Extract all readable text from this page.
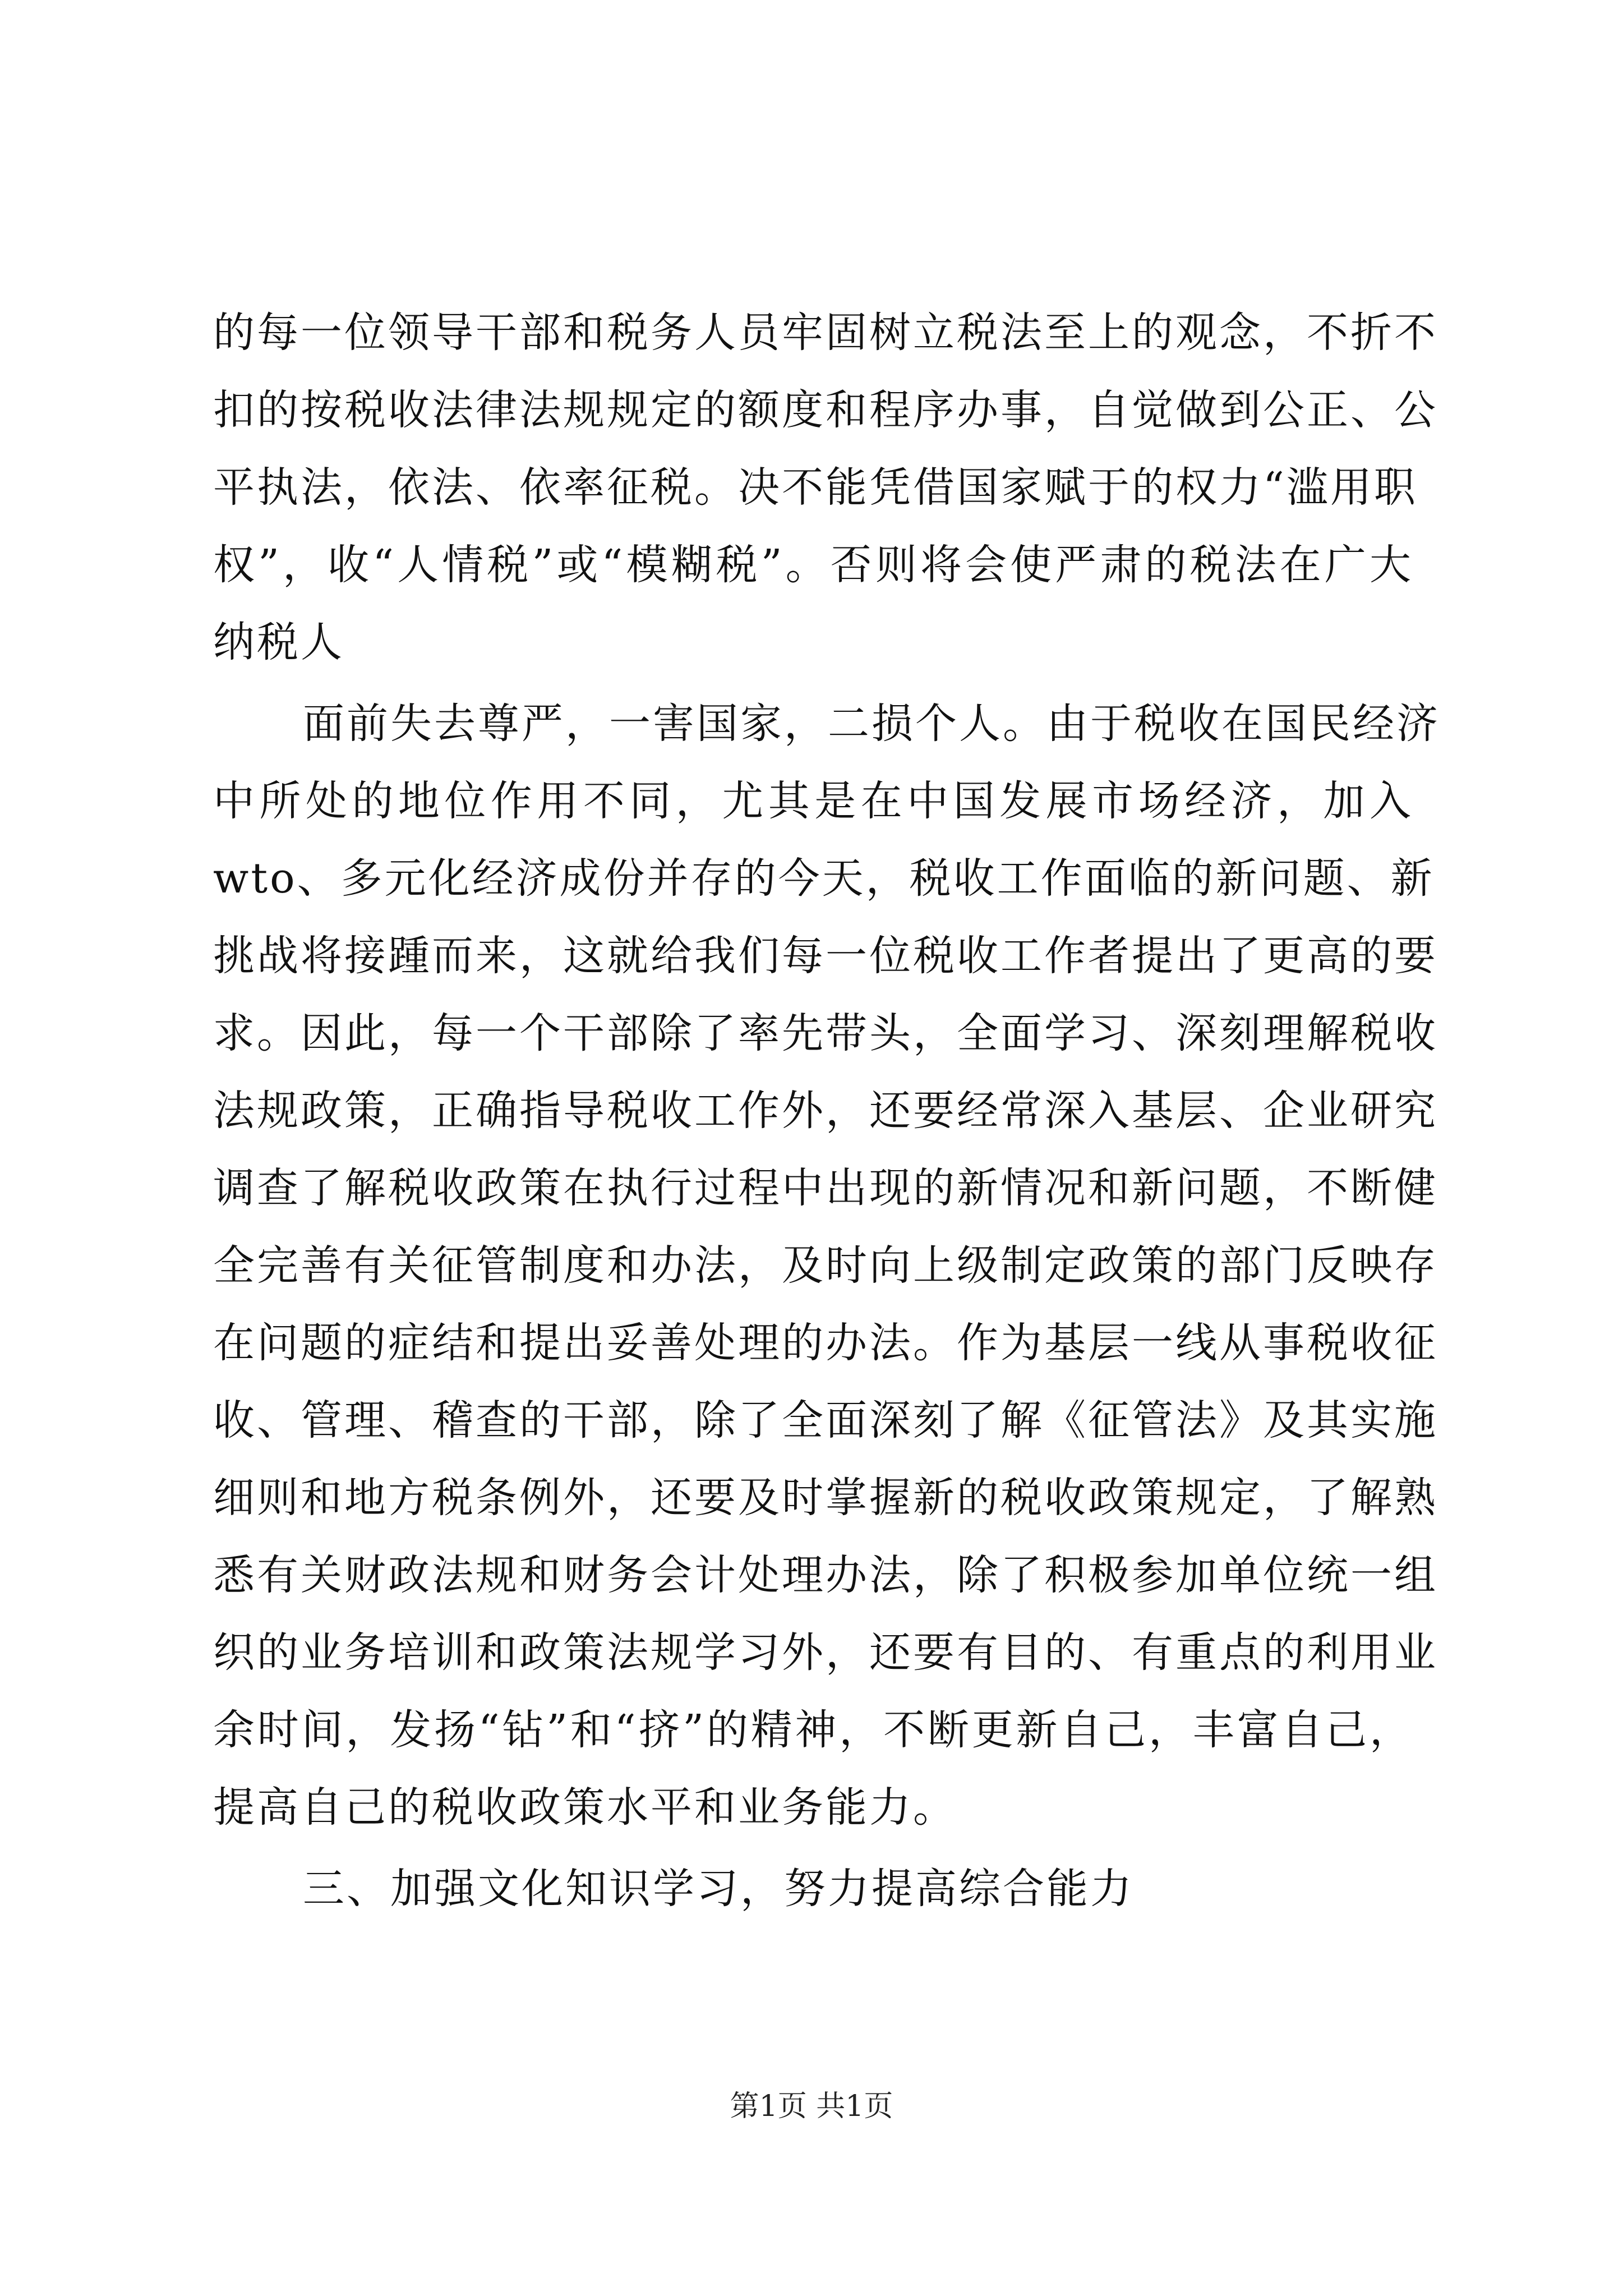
的每一位领导干部和税务人员牢固树立税法至上的观念，不折不
扣的按税收法律法规规定的额度和程序办事，自觉做到公正、公
平执法，依法、依率征税。决不能凭借国家赋于的权力“滥用职
权”，收“人情税”或“模糊税”。否则将会使严肃的税法在广大
纳税人
面前失去尊严，一害国家，二损个人。由于税收在国民经济
中所处的地位作用不同，尤其是在中国发展市场经济，加入
wto、多元化经济成份并存的今天，税收工作面临的新问题、新
挑战将接踵而来，这就给我们每一位税收工作者提出了更高的要
求。因此，每一个干部除了率先带头，全面学习、深刻理解税收
法规政策，正确指导税收工作外，还要经常深入基层、企业研究
调查了解税收政策在执行过程中出现的新情况和新问题，不断健
全完善有关征管制度和办法，及时向上级制定政策的部门反映存
在问题的症结和提出妥善处理的办法。作为基层一线从事税收征
收、管理、稽查的干部，除了全面深刻了解《征管法》及其实施
细则和地方税条例外，还要及时掌握新的税收政策规定，了解熟
悉有关财政法规和财务会计处理办法，除了积极参加单位统一组
织的业务培训和政策法规学习外，还要有目的、有重点的利用业
余时间，发扬“钻”和“挤”的精神，不断更新自己，丰富自己，
提高自己的税收政策水平和业务能力。
三、加强文化知识学习，努力提高综合能力
第1页 共1页
